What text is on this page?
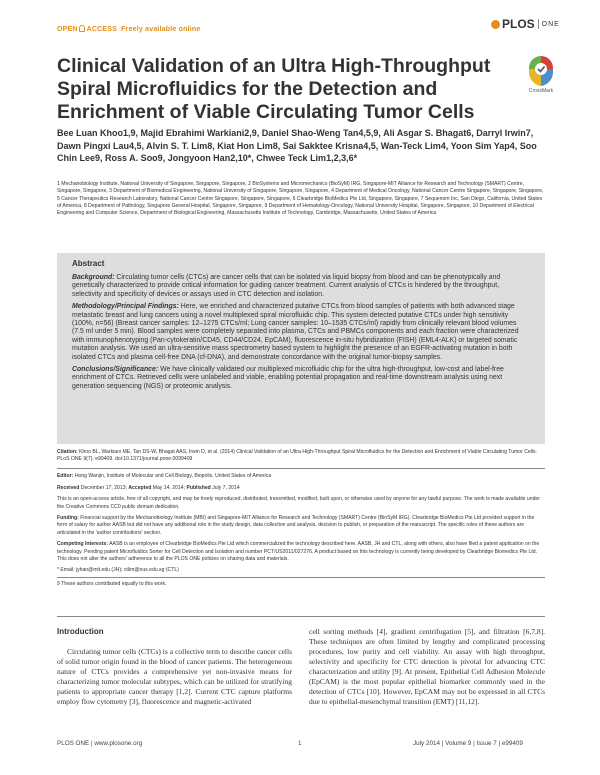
OPEN ACCESS Freely available online	PLOS ONE
Clinical Validation of an Ultra High-Throughput Spiral Microfluidics for the Detection and Enrichment of Viable Circulating Tumor Cells
CrossMark
Bee Luan Khoo1,9, Majid Ebrahimi Warkiani2,9, Daniel Shao-Weng Tan4,5,9, Ali Asgar S. Bhagat6, Darryl Irwin7, Dawn Pingxi Lau4,5, Alvin S. T. Lim8, Kiat Hon Lim8, Sai Sakktee Krisna4,5, Wan-Teck Lim4, Yoon Sim Yap4, Soo Chin Lee9, Ross A. Soo9, Jongyoon Han2,10*, Chwee Teck Lim1,2,3,6*
1 Mechanobiology Institute, National University of Singapore, Singapore, Singapore, 2 BioSystems and Micromechanics (BioSyM) IRG, Singapore-MIT Alliance for Research and Technology (SMART) Centre, Singapore, Singapore, 3 Department of Biomedical Engineering, National University of Singapore, Singapore, Singapore, 4 Department of Medical Oncology, National Cancer Centre Singapore, Singapore, Singapore, 5 Cancer Therapeutics Research Laboratory, National Cancer Centre Singapore, Singapore, Singapore, 6 Clearbridge BioMedics Pte Ltd, Singapore, Singapore, 7 Sequenom Inc, San Diego, California, United States of America, 8 Department of Pathology, Singapore General Hospital, Singapore, Singapore, 9 Department of Hematology-Oncology, National University Hospital, Singapore, Singapore, 10 Department of Electrical Engineering and Computer Science, Department of Biological Engineering, Massachusetts Institute of Technology, Cambridge, Massachusetts, United States of America
Abstract

Background: Circulating tumor cells (CTCs) are cancer cells that can be isolated via liquid biopsy from blood and can be phenotypically and genetically characterized to provide critical information for guiding cancer treatment. Current analysis of CTCs is hindered by the throughput, selectivity and specificity of devices or assays used in CTC detection and isolation.

Methodology/Principal Findings: Here, we enriched and characterized putative CTCs from blood samples of patients with both advanced stage metastatic breast and lung cancers using a novel multiplexed spiral microfluidic chip. This system detected putative CTCs under high sensitivity (100%, n=56) (Breast cancer samples: 12–1275 CTCs/ml; Lung cancer samples: 10–1535 CTCs/ml) rapidly from clinically relevant blood volumes (7.5 ml under 5 min). Blood samples were completely separated into plasma, CTCs and PBMCs components and each fraction were characterized with immunophenotyping (Pan-cytokeratin/CD45, CD44/CD24, EpCAM), fluorescence in-situ hybridization (FISH) (EML4-ALK) or targeted somatic mutation analysis. We used an ultra-sensitive mass spectrometry based system to highlight the presence of an EGFR-activating mutation in both isolated CTCs and plasma cell-free DNA (cf-DNA), and demonstrate concordance with the original tumor-biopsy samples.

Conclusions/Significance: We have clinically validated our multiplexed microfluidic chip for the ultra high-throughput, low-cost and label-free enrichment of CTCs. Retrieved cells were unlabeled and viable, enabling potential propagation and real-time downstream analysis using next generation sequencing (NGS) or proteomic analysis.

Citation: Khoo BL, Warkiani ME, Tan DS-W, Bhagat AAS, Irwin D, et al. (2014) Clinical Validation of an Ultra High-Throughput Spiral Microfluidics for the Detection and Enrichment of Viable Circulating Tumor Cells. PLoS ONE 9(7): e99409. doi:10.1371/journal.pone.0099409

Editor: Hong Wanjin, Institute of Molecular and Cell Biology, Biopolis, United States of America

Received December 17, 2013; Accepted May 14, 2014; Published July 7, 2014

This is an open-access article, free of all copyright, and may be freely reproduced, distributed, transmitted, modified, built upon, or otherwise used by anyone for any lawful purpose. The work is made available under the Creative Commons CC0 public domain dedication.

Funding: Financial support by the Mechanobiology Institute (MBI) and Singapore-MIT Alliance for Research and Technology (SMART) Centre (BioSyM IRG). Clearbridge BioMedics Pte Ltd provided support in the form of salary for author AASB but did not have any additional role in the study design, data collection and analysis, decision to publish, or preparation of the manuscript. The specific roles of these authors are articulated in the 'author contributions' section.

Competing Interests: AASB is an employee of Clearbridge BioMedics Pte Ltd which commercialized the technology described here. AASB, JH and CTL, along with others, also have filed a patent application on the technology. Pending patent Microfluidics Sorter for Cell Detection and Isolation and number PCT/US2011/027276. A product based on this technology is currently being developed by Clearbridge Biomedics Pte Ltd. This does not alter the authors' adherence to all the PLOS ONE policies on sharing data and materials.

* Email: jyhan@mit.edu (JH); ctlim@nus.edu.sg (CTL)

9 These authors contributed equally to this work.

Introduction
Circulating tumor cells (CTCs) is a collective term to describe cancer cells of solid tumor origin found in the blood of cancer patients. The heterogeneous nature of CTCs provides a comprehensive yet non-invasive means for characterizing tumor molecular subtypes, which can be utilized for stratifying patients to appropriate cancer therapy [1,2]. Current CTC capture platforms employ flow cytometry [3], fluorescence and magnetic-activated
cell sorting methods [4], gradient centrifugation [5], and filtration [6,7,8]. These techniques are often limited by lengthy and complicated processing procedures, low purity and cell viability. An assay with high throughput, selectivity and specificity for CTC detection is pivotal for advancing CTC characterization and utility [9]. At present, Epithelial Cell Adhesion Molecule (EpCAM) is the most popular epithelial biomarker commonly used in the detection of CTCs [10]. However, EpCAM may not be expressed in all CTCs due to epithelial-mesenchymal transition (EMT) [11,12].
PLOS ONE | www.plosone.org	1	July 2014 | Volume 9 | Issue 7 | e99409
